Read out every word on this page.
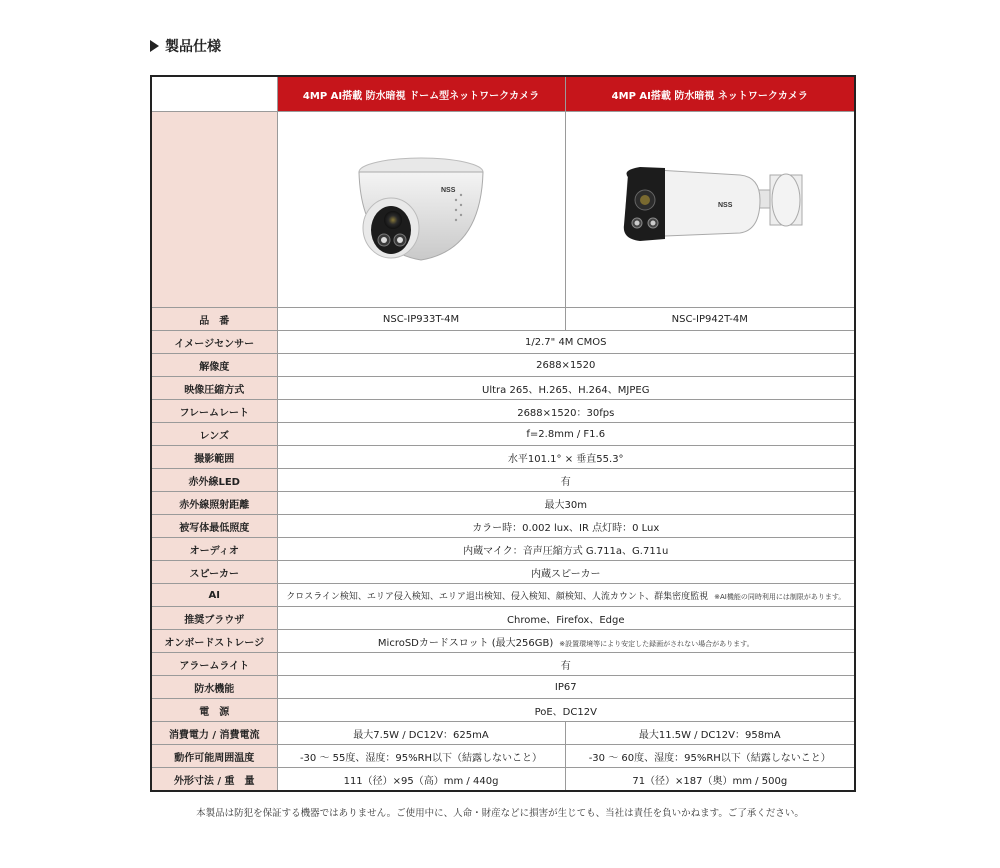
製品仕様
	4MP AI搭載 防水暗視 ドーム型ネットワークカメラ	4MP AI搭載 防水暗視 ネットワークカメラ

NSS	NSS

品　番	NSC-IP933T-4M	NSC-IP942T-4M
イメージセンサー	1/2.7" 4M CMOS	
解像度	2688×1520	
映像圧縮方式	Ultra 265、H.265、H.264、MJPEG	
フレームレート	2688×1520：30fps	
レンズ	f=2.8mm / F1.6	
撮影範囲	水平101.1° × 垂直55.3°	
赤外線LED	有	
赤外線照射距離	最大30m	
被写体最低照度	カラー時：0.002 lux、IR 点灯時：0 Lux	
オーディオ	内蔵マイク：音声圧縮方式 G.711a、G.711u	
スピーカー	内蔵スピーカー	
AI	クロスライン検知、エリア侵入検知、エリア退出検知、侵入検知、顔検知、人流カウント、群集密度監視 ※AI機能の同時利用には制限があります。	
推奨ブラウザ	Chrome、Firefox、Edge	
オンボードストレージ	MicroSDカードスロット (最大256GB) ※設置環境等により安定した録画がされない場合があります。	
アラームライト	有	
防水機能	IP67	
電　源	PoE、DC12V	
消費電力 / 消費電流	最大7.5W / DC12V：625mA	最大11.5W / DC12V：958mA
動作可能周囲温度	-30 ～ 55度、湿度：95%RH以下（結露しないこと）	-30 ～ 60度、湿度：95%RH以下（結露しないこと）
外形寸法 / 重　量	111（径）×95（高）mm / 440g	71（径）×187（奥）mm / 500g
本製品は防犯を保証する機器ではありません。ご使用中に、人命・財産などに損害が生じても、当社は責任を負いかねます。ご了承ください。
